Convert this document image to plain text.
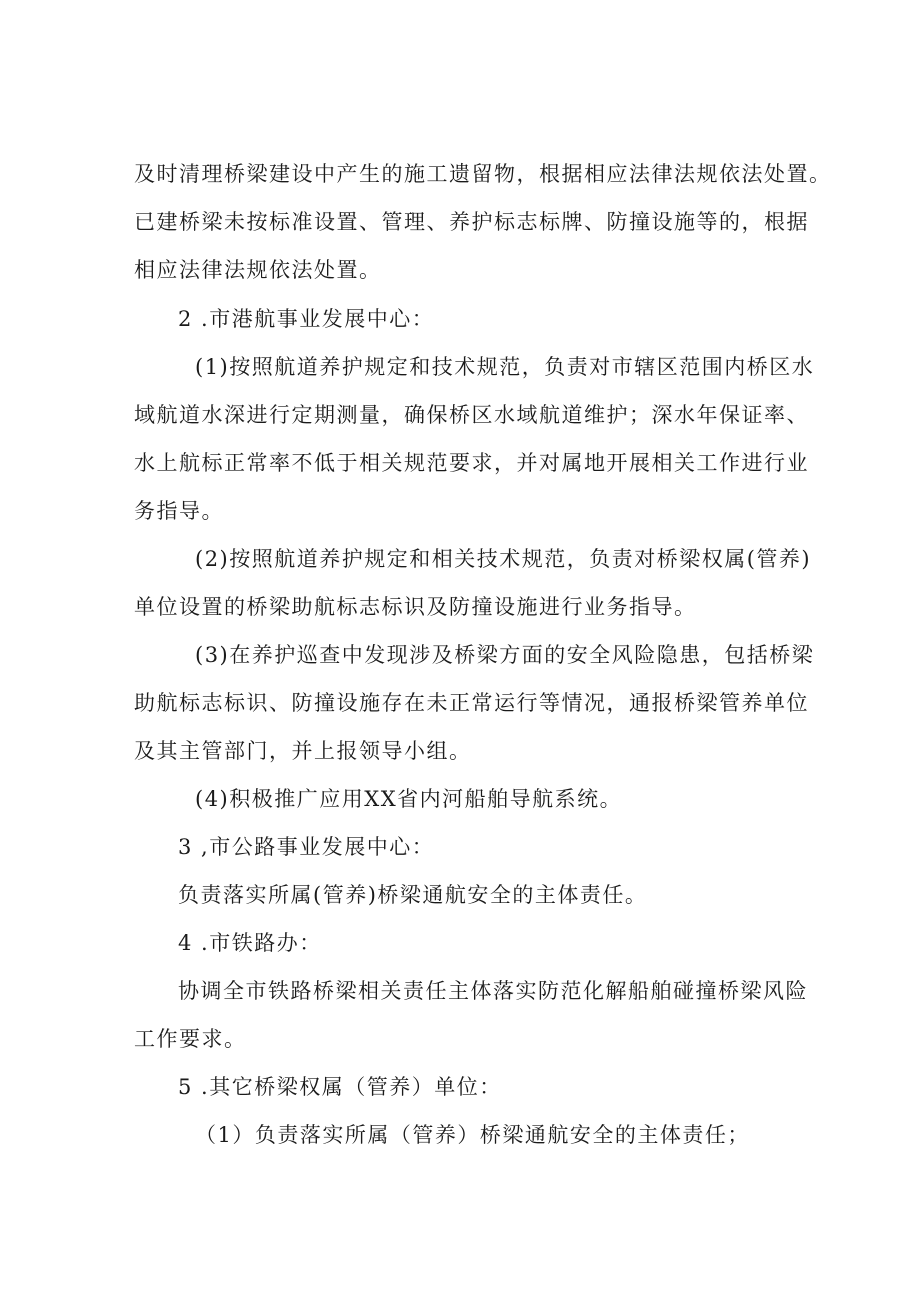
及时清理桥梁建设中产生的施工遗留物，根据相应法律法规依法处置。
已建桥梁未按标准设置、管理、养护标志标牌、防撞设施等的，根据
相应法律法规依法处置。
2 .市港航事业发展中心：
(1)按照航道养护规定和技术规范，负责对市辖区范围内桥区水
域航道水深进行定期测量，确保桥区水域航道维护；深水年保证率、
水上航标正常率不低于相关规范要求，并对属地开展相关工作进行业
务指导。
(2)按照航道养护规定和相关技术规范，负责对桥梁权属(管养)
单位设置的桥梁助航标志标识及防撞设施进行业务指导。
(3)在养护巡查中发现涉及桥梁方面的安全风险隐患，包括桥梁
助航标志标识、防撞设施存在未正常运行等情况，通报桥梁管养单位
及其主管部门，并上报领导小组。
(4)积极推广应用XX省内河船舶导航系统。
3 ,市公路事业发展中心：
负责落实所属(管养)桥梁通航安全的主体责任。
4 .市铁路办：
协调全市铁路桥梁相关责任主体落实防范化解船舶碰撞桥梁风险
工作要求。
5 .其它桥梁权属（管养）单位：
（1）负责落实所属（管养）桥梁通航安全的主体责任；
